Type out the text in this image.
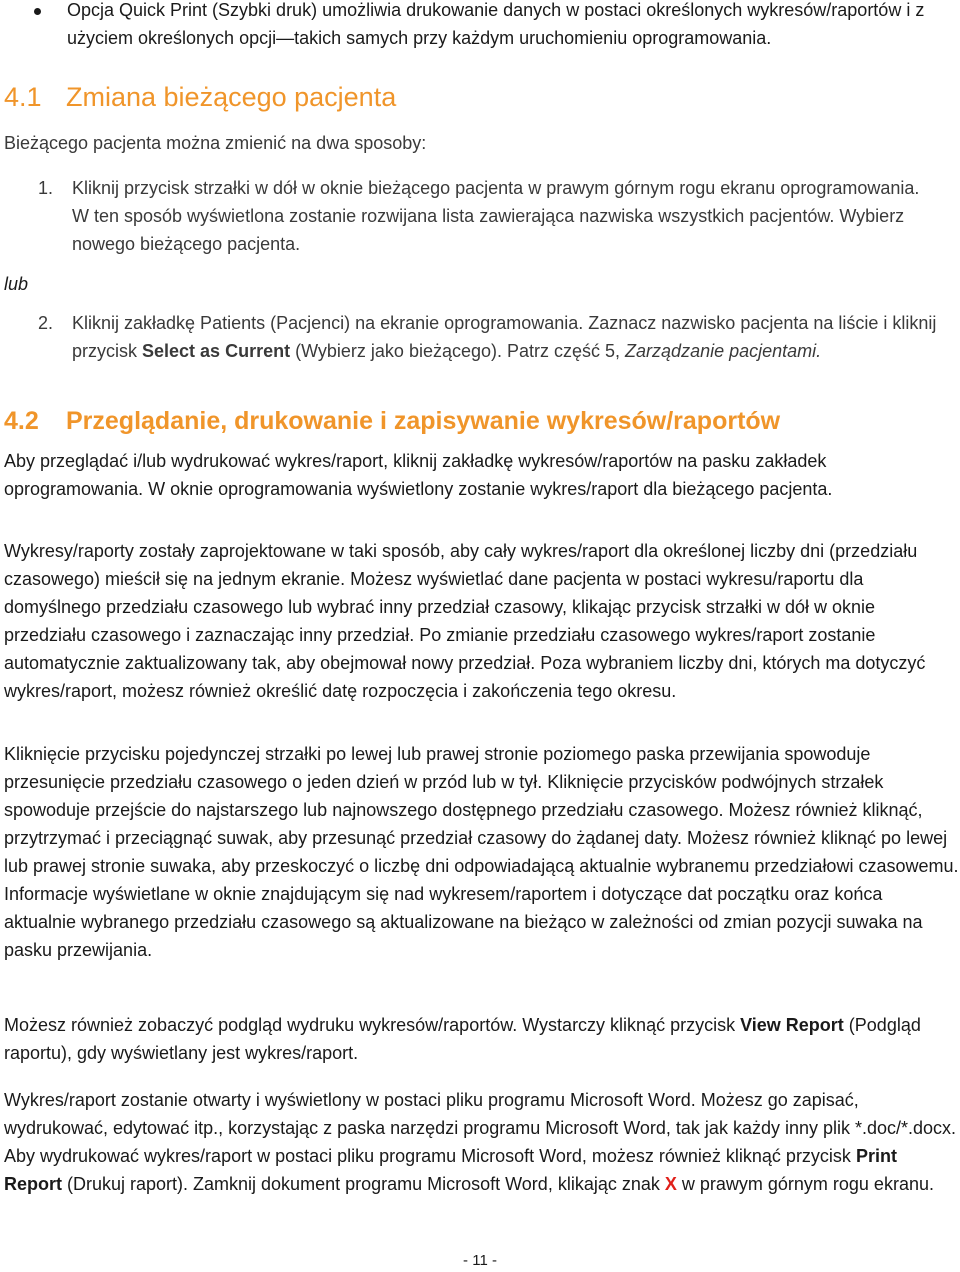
Opcja Quick Print (Szybki druk) umożliwia drukowanie danych w postaci określonych wykresów/raportów i z użyciem określonych opcji—takich samych przy każdym uruchomieniu oprogramowania.
4.1 Zmiana bieżącego pacjenta
Bieżącego pacjenta można zmienić na dwa sposoby:
1. Kliknij przycisk strzałki w dół w oknie bieżącego pacjenta w prawym górnym rogu ekranu oprogramowania. W ten sposób wyświetlona zostanie rozwijana lista zawierająca nazwiska wszystkich pacjentów. Wybierz nowego bieżącego pacjenta.
lub
2. Kliknij zakładkę Patients (Pacjenci) na ekranie oprogramowania. Zaznacz nazwisko pacjenta na liście i kliknij przycisk Select as Current (Wybierz jako bieżącego). Patrz część 5, Zarządzanie pacjentami.
4.2 Przeglądanie, drukowanie i zapisywanie wykresów/raportów

Aby przeglądać i/lub wydrukować wykres/raport, kliknij zakładkę wykresów/raportów na pasku zakładek oprogramowania. W oknie oprogramowania wyświetlony zostanie wykres/raport dla bieżącego pacjenta.

Wykresy/raporty zostały zaprojektowane w taki sposób, aby cały wykres/raport dla określonej liczby dni (przedziału czasowego) mieścił się na jednym ekranie. Możesz wyświetlać dane pacjenta w postaci wykresu/raportu dla domyślnego przedziału czasowego lub wybrać inny przedział czasowy, klikając przycisk strzałki w dół w oknie przedziału czasowego i zaznaczając inny przedział. Po zmianie przedziału czasowego wykres/raport zostanie automatycznie zaktualizowany tak, aby obejmował nowy przedział. Poza wybraniem liczby dni, których ma dotyczyć wykres/raport, możesz również określić datę rozpoczęcia i zakończenia tego okresu.

Kliknięcie przycisku pojedynczej strzałki po lewej lub prawej stronie poziomego paska przewijania spowoduje przesunięcie przedziału czasowego o jeden dzień w przód lub w tył. Kliknięcie przycisków podwójnych strzałek spowoduje przejście do najstarszego lub najnowszego dostępnego przedziału czasowego. Możesz również kliknąć, przytrzymać i przeciągnąć suwak, aby przesunąć przedział czasowy do żądanej daty. Możesz również kliknąć po lewej lub prawej stronie suwaka, aby przeskoczyć o liczbę dni odpowiadającą aktualnie wybranemu przedziałowi czasowemu. Informacje wyświetlane w oknie znajdującym się nad wykresem/raportem i dotyczące dat początku oraz końca aktualnie wybranego przedziału czasowego są aktualizowane na bieżąco w zależności od zmian pozycji suwaka na pasku przewijania.

Możesz również zobaczyć podgląd wydruku wykresów/raportów. Wystarczy kliknąć przycisk View Report (Podgląd raportu), gdy wyświetlany jest wykres/raport.

Wykres/raport zostanie otwarty i wyświetlony w postaci pliku programu Microsoft Word. Możesz go zapisać, wydrukować, edytować itp., korzystając z paska narzędzi programu Microsoft Word, tak jak każdy inny plik *.doc/*.docx. Aby wydrukować wykres/raport w postaci pliku programu Microsoft Word, możesz również kliknąć przycisk Print Report (Drukuj raport). Zamknij dokument programu Microsoft Word, klikając znak X w prawym górnym rogu ekranu.

- 11 -
